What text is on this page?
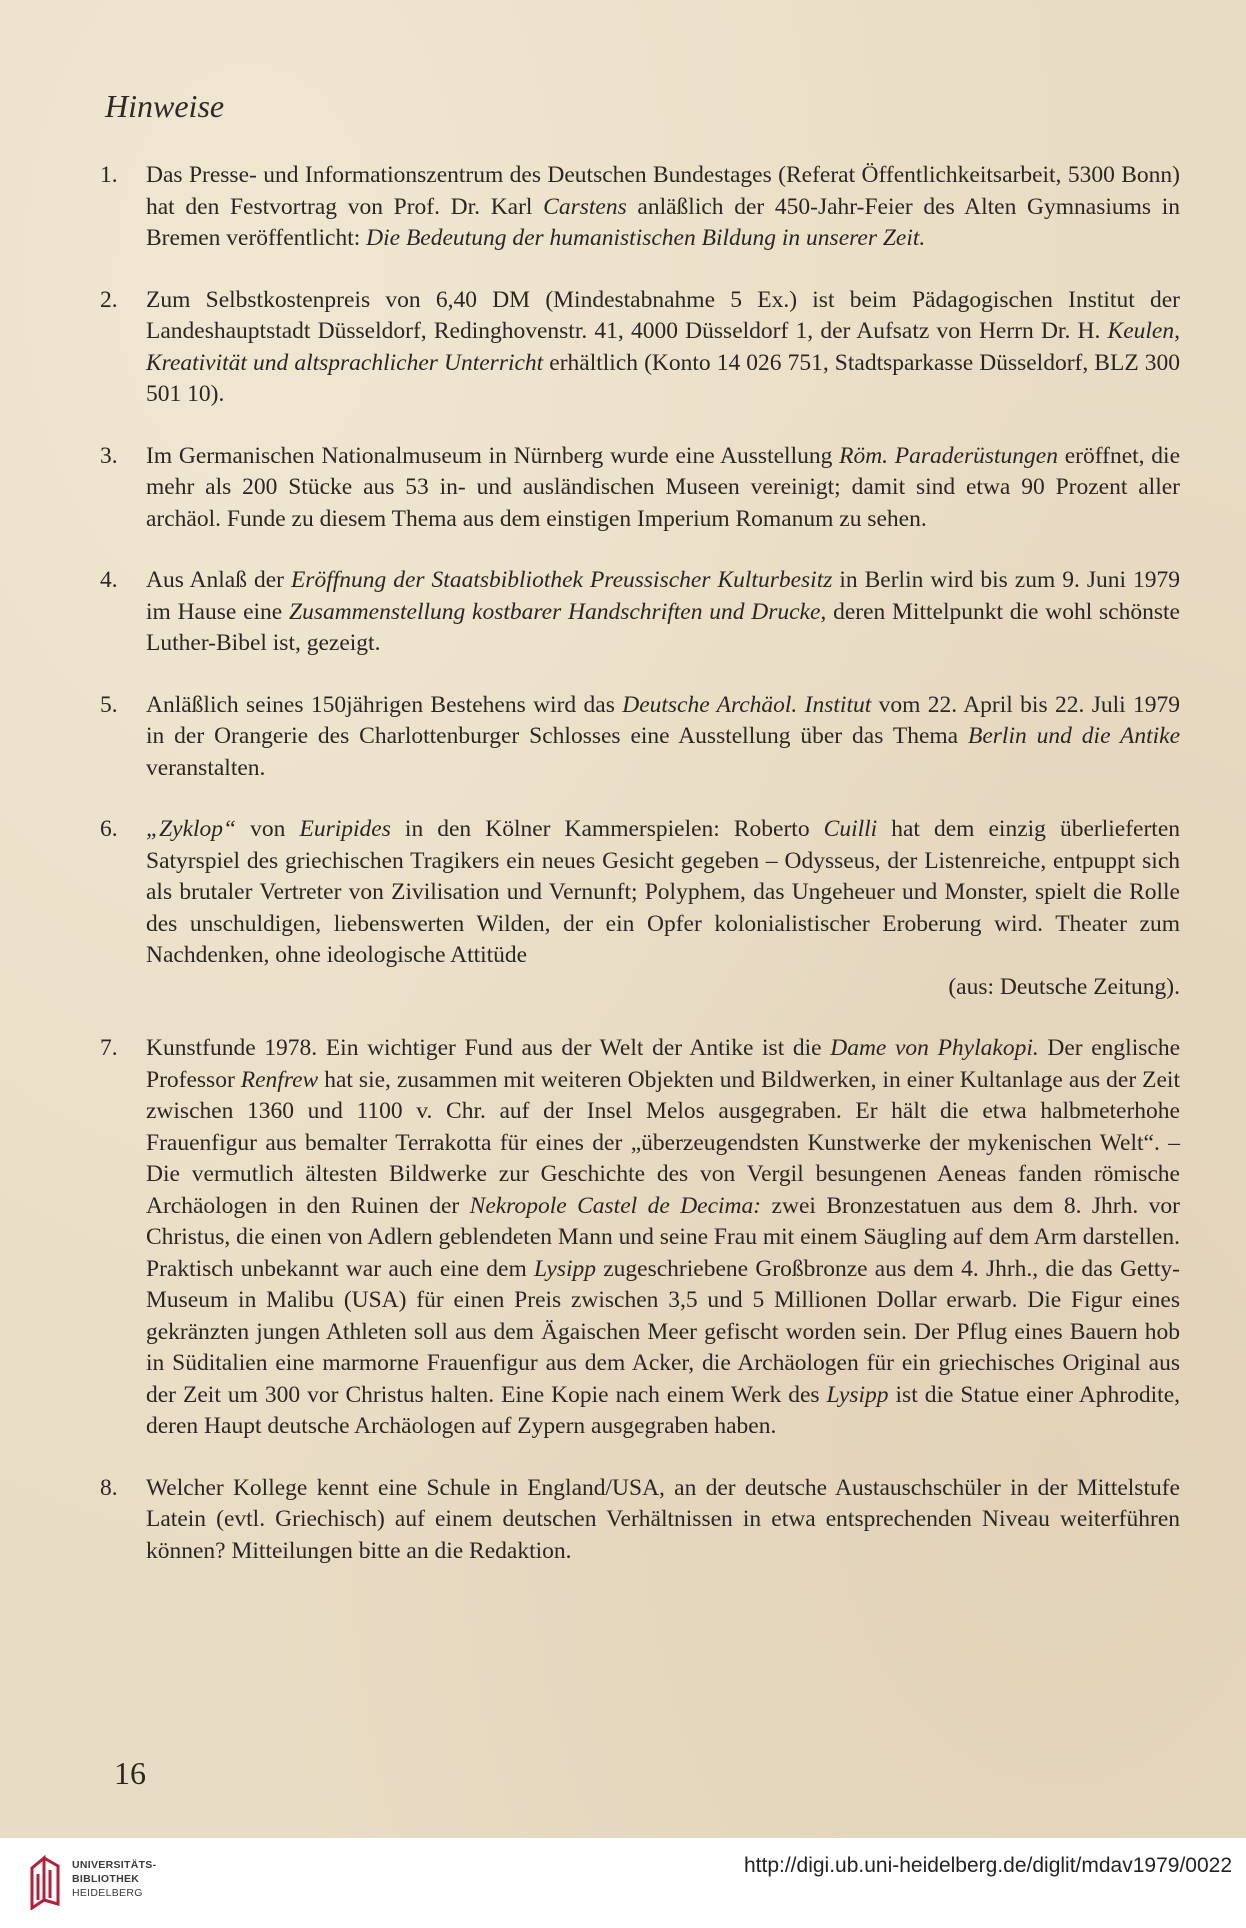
Hinweise
1. Das Presse- und Informationszentrum des Deutschen Bundestages (Referat Öffentlichkeitsarbeit, 5300 Bonn) hat den Festvortrag von Prof. Dr. Karl Carstens anläßlich der 450-Jahr-Feier des Alten Gymnasiums in Bremen veröffentlicht: Die Bedeutung der humanistischen Bildung in unserer Zeit.
2. Zum Selbstkostenpreis von 6,40 DM (Mindestabnahme 5 Ex.) ist beim Pädagogischen Institut der Landeshauptstadt Düsseldorf, Redinghovenstr. 41, 4000 Düsseldorf 1, der Aufsatz von Herrn Dr. H. Keulen, Kreativität und altsprachlicher Unterricht erhältlich (Konto 14 026 751, Stadtsparkasse Düsseldorf, BLZ 300 501 10).
3. Im Germanischen Nationalmuseum in Nürnberg wurde eine Ausstellung Röm. Paraderüstungen eröffnet, die mehr als 200 Stücke aus 53 in- und ausländischen Museen vereinigt; damit sind etwa 90 Prozent aller archäol. Funde zu diesem Thema aus dem einstigen Imperium Romanum zu sehen.
4. Aus Anlaß der Eröffnung der Staatsbibliothek Preussischer Kulturbesitz in Berlin wird bis zum 9. Juni 1979 im Hause eine Zusammenstellung kostbarer Handschriften und Drucke, deren Mittelpunkt die wohl schönste Luther-Bibel ist, gezeigt.
5. Anläßlich seines 150jährigen Bestehens wird das Deutsche Archäol. Institut vom 22. April bis 22. Juli 1979 in der Orangerie des Charlottenburger Schlosses eine Ausstellung über das Thema Berlin und die Antike veranstalten.
6. „Zyklop“ von Euripides in den Kölner Kammerspielen: Roberto Cuilli hat dem einzig überlieferten Satyrspiel des griechischen Tragikers ein neues Gesicht gegeben – Odysseus, der Listenreiche, entpuppt sich als brutaler Vertreter von Zivilisation und Vernunft; Polyphem, das Ungeheuer und Monster, spielt die Rolle des unschuldigen, liebenswerten Wilden, der ein Opfer kolonialistischer Eroberung wird. Theater zum Nachdenken, ohne ideologische Attitüde
(aus: Deutsche Zeitung).
7. Kunstfunde 1978. Ein wichtiger Fund aus der Welt der Antike ist die Dame von Phylakopi. Der englische Professor Renfrew hat sie, zusammen mit weiteren Objekten und Bildwerken, in einer Kultanlage aus der Zeit zwischen 1360 und 1100 v. Chr. auf der Insel Melos ausgegraben. Er hält die etwa halbmeterhohe Frauenfigur aus bemalter Terrakotta für eines der „überzeugendsten Kunstwerke der mykenischen Welt“. – Die vermutlich ältesten Bildwerke zur Geschichte des von Vergil besungenen Aeneas fanden römische Archäologen in den Ruinen der Nekropole Castel de Decima: zwei Bronzestatuen aus dem 8. Jhrh. vor Christus, die einen von Adlern geblendeten Mann und seine Frau mit einem Säugling auf dem Arm darstellen. Praktisch unbekannt war auch eine dem Lysipp zugeschriebene Großbronze aus dem 4. Jhrh., die das Getty-Museum in Malibu (USA) für einen Preis zwischen 3,5 und 5 Millionen Dollar erwarb. Die Figur eines gekränzten jungen Athleten soll aus dem Ägaischen Meer gefischt worden sein. Der Pflug eines Bauern hob in Süditalien eine marmorne Frauenfigur aus dem Acker, die Archäologen für ein griechisches Original aus der Zeit um 300 vor Christus halten. Eine Kopie nach einem Werk des Lysipp ist die Statue einer Aphrodite, deren Haupt deutsche Archäologen auf Zypern ausgegraben haben.
8. Welcher Kollege kennt eine Schule in England/USA, an der deutsche Austauschschüler in der Mittelstufe Latein (evtl. Griechisch) auf einem deutschen Verhältnissen in etwa entsprechenden Niveau weiterführen können? Mitteilungen bitte an die Redaktion.
16
UNIVERSITÄTS-
BIBLIOTHEK
HEIDELBERG
http://digi.ub.uni-heidelberg.de/diglit/mdav1979/0022
